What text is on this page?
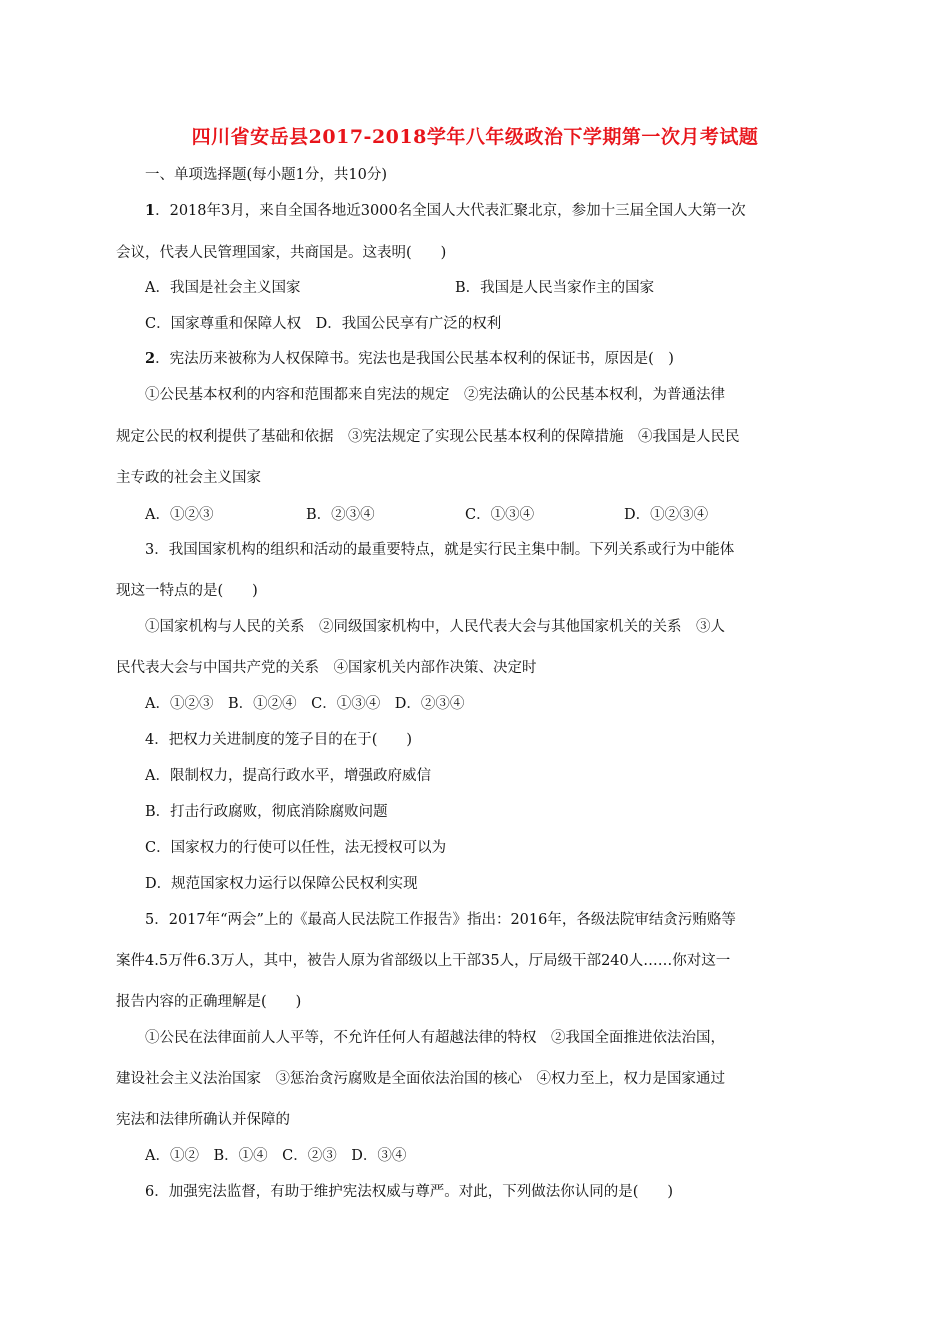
四川省安岳县2017-2018学年八年级政治下学期第一次月考试题
一、单项选择题(每小题1分，共10分)
1．2018年3月，来自全国各地近3000名全国人大代表汇聚北京，参加十三届全国人大第一次
会议，代表人民管理国家，共商国是。这表明(　　)
A．我国是社会主义国家	B．我国是人民当家作主的国家
C．国家尊重和保障人权　D．我国公民享有广泛的权利
2．宪法历来被称为人权保障书。宪法也是我国公民基本权利的保证书，原因是(　)
①公民基本权利的内容和范围都来自宪法的规定　②宪法确认的公民基本权利，为普通法律
规定公民的权利提供了基础和依据　③宪法规定了实现公民基本权利的保障措施　④我国是人民民
主专政的社会主义国家
A．①②③	B．②③④	C．①③④	D．①②③④
3．我国国家机构的组织和活动的最重要特点，就是实行民主集中制。下列关系或行为中能体
现这一特点的是(　　)
①国家机构与人民的关系　②同级国家机构中，人民代表大会与其他国家机关的关系　③人
民代表大会与中国共产党的关系　④国家机关内部作决策、决定时
A．①②③　B．①②④　C．①③④　D．②③④
4．把权力关进制度的笼子目的在于(　　)
A．限制权力，提高行政水平，增强政府威信
B．打击行政腐败，彻底消除腐败问题
C．国家权力的行使可以任性，法无授权可以为
D．规范国家权力运行以保障公民权利实现
5．2017年“两会”上的《最高人民法院工作报告》指出：2016年，各级法院审结贪污贿赂等
案件4.5万件6.3万人，其中，被告人原为省部级以上干部35人，厅局级干部240人……你对这一
报告内容的正确理解是(　　)
①公民在法律面前人人平等，不允许任何人有超越法律的特权　②我国全面推进依法治国，
建设社会主义法治国家　③惩治贪污腐败是全面依法治国的核心　④权力至上，权力是国家通过
宪法和法律所确认并保障的
A．①②　B．①④　C．②③　D．③④
6．加强宪法监督，有助于维护宪法权威与尊严。对此，下列做法你认同的是(　　)
